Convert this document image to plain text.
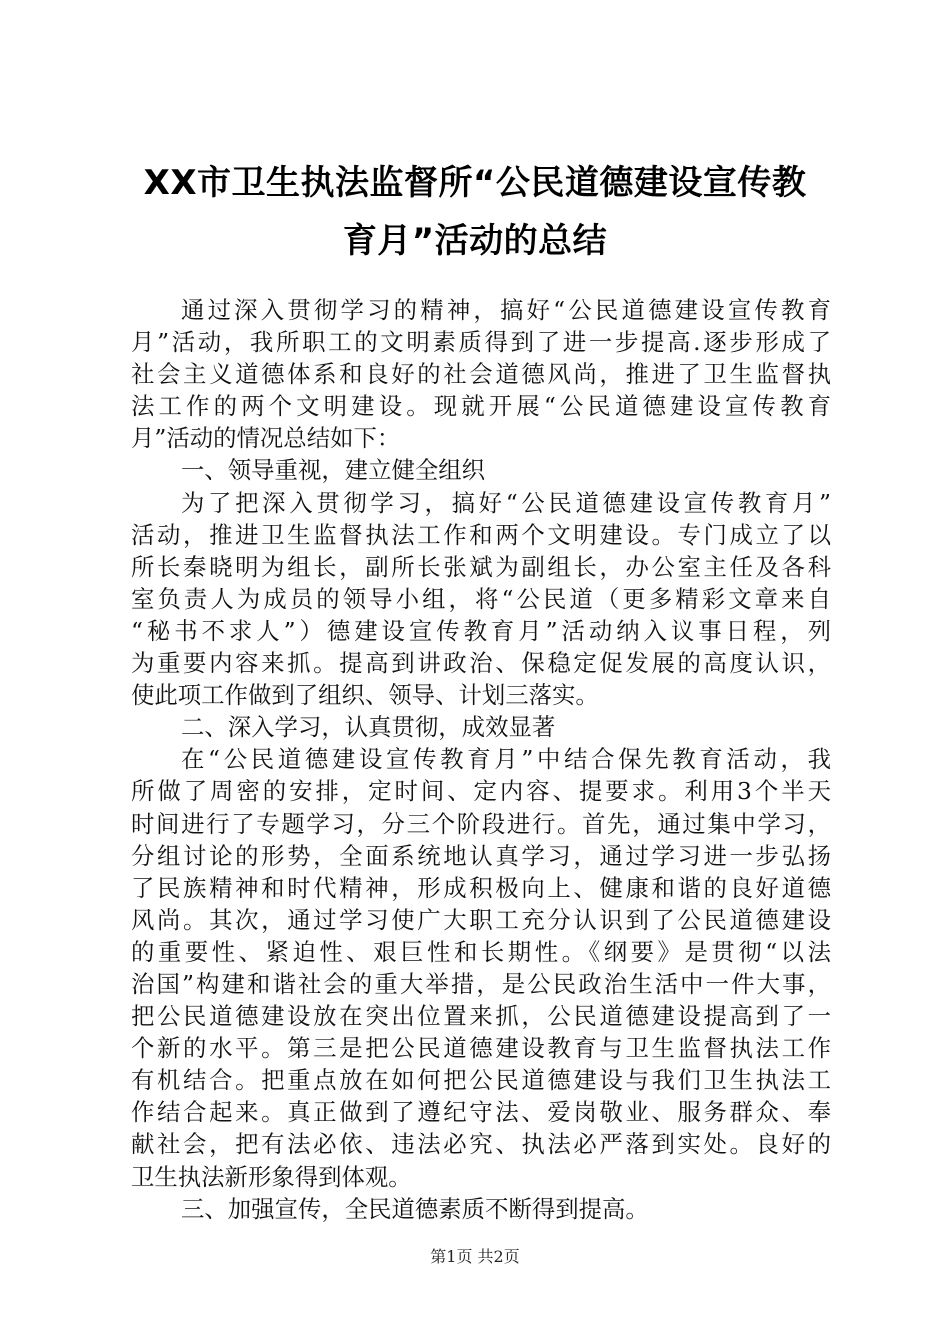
XX市卫生执法监督所“公民道德建设宣传教
育月”活动的总结
通过深入贯彻学习的精神，搞好“公民道德建设宣传教育
月”活动，我所职工的文明素质得到了进一步提高.逐步形成了
社会主义道德体系和良好的社会道德风尚，推进了卫生监督执
法工作的两个文明建设。现就开展“公民道德建设宣传教育
月”活动的情况总结如下：
一、领导重视，建立健全组织
为了把深入贯彻学习，搞好“公民道德建设宣传教育月”
活动，推进卫生监督执法工作和两个文明建设。专门成立了以
所长秦晓明为组长，副所长张斌为副组长，办公室主任及各科
室负责人为成员的领导小组，将“公民道（更多精彩文章来自
“秘书不求人”）德建设宣传教育月”活动纳入议事日程，列
为重要内容来抓。提高到讲政治、保稳定促发展的高度认识，
使此项工作做到了组织、领导、计划三落实。
二、深入学习，认真贯彻，成效显著
在“公民道德建设宣传教育月”中结合保先教育活动，我
所做了周密的安排，定时间、定内容、提要求。利用3个半天
时间进行了专题学习，分三个阶段进行。首先，通过集中学习，
分组讨论的形势，全面系统地认真学习，通过学习进一步弘扬
了民族精神和时代精神，形成积极向上、健康和谐的良好道德
风尚。其次，通过学习使广大职工充分认识到了公民道德建设
的重要性、紧迫性、艰巨性和长期性。《纲要》是贯彻“以法
治国”构建和谐社会的重大举措，是公民政治生活中一件大事，
把公民道德建设放在突出位置来抓，公民道德建设提高到了一
个新的水平。第三是把公民道德建设教育与卫生监督执法工作
有机结合。把重点放在如何把公民道德建设与我们卫生执法工
作结合起来。真正做到了遵纪守法、爱岗敬业、服务群众、奉
献社会，把有法必依、违法必究、执法必严落到实处。良好的
卫生执法新形象得到体观。
三、加强宣传，全民道德素质不断得到提高。
第1页 共2页
